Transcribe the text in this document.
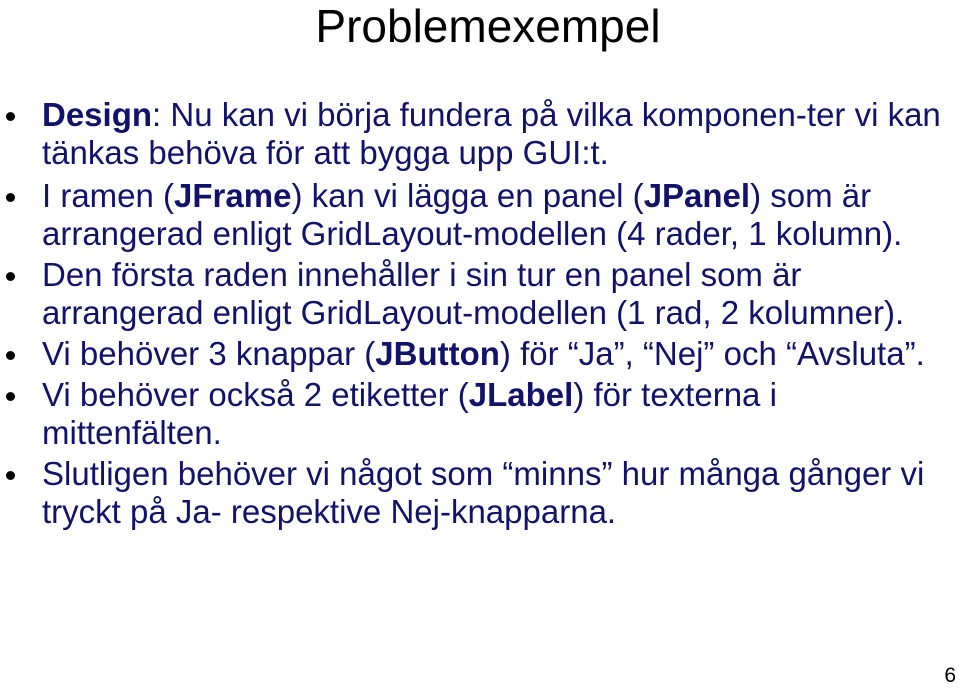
Problemexempel
Design: Nu kan vi börja fundera på vilka komponen-ter vi kan tänkas behöva för att bygga upp GUI:t.
I ramen (JFrame) kan vi lägga en panel (JPanel) som är arrangerad enligt GridLayout-modellen (4 rader, 1 kolumn).
Den första raden innehåller i sin tur en panel som är arrangerad enligt GridLayout-modellen (1 rad, 2 kolumner).
Vi behöver 3 knappar (JButton) för “Ja”, “Nej” och “Avsluta”.
Vi behöver också 2 etiketter (JLabel) för texterna i mittenfälten.
Slutligen behöver vi något som “minns” hur många gånger vi tryckt på Ja- respektive Nej-knapparna.
6
